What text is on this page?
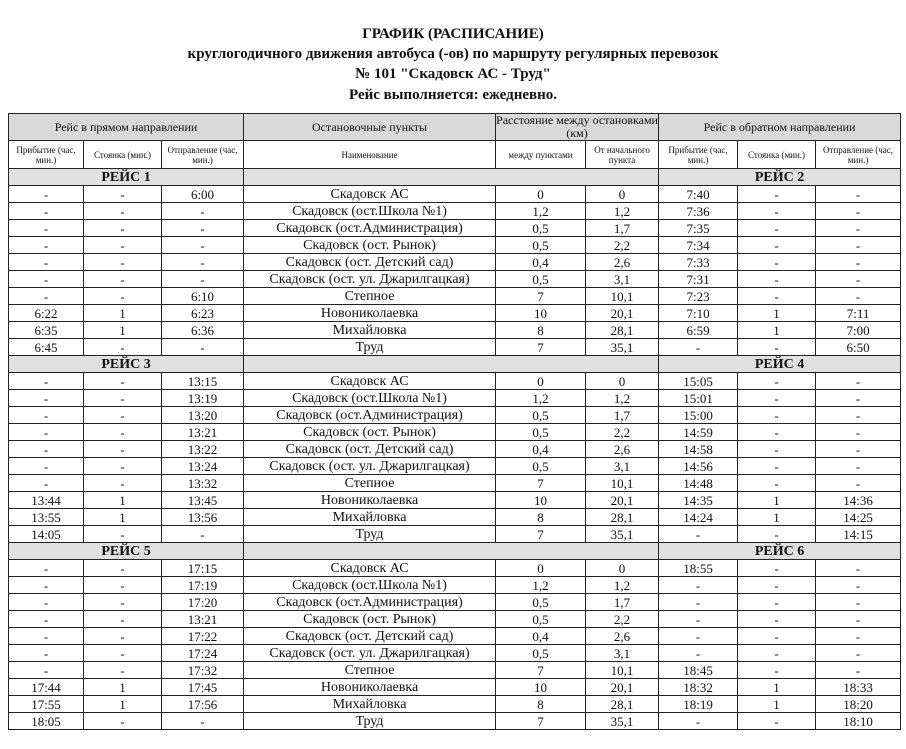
ГРАФИК (РАСПИСАНИЕ)
круглогодичного движения автобуса (-ов) по маршруту регулярных перевозок
№ 101 "Скадовск АС - Труд"
Рейс выполняется: ежедневно.
Рейс в прямом направлении			Остановочные пункты	Расстояние между остановками (км)		Рейс в обратном направлении		
Прибытие (час, мин.)	Стоянка (мин.)	Отправление (час, мин.)	Наименование	между пунктами	От начального пункта	Прибытие (час, мин.)	Стоянка (мин.)	Отправление (час, мин.)
РЕЙС 1						РЕЙС 2		
-	-	6:00	Скадовск АС	0	0	7:40	-	-
-	-	-	Скадовск (ост.Школа №1)	1,2	1,2	7:36	-	-
-	-	-	Скадовск (ост.Администрация)	0,5	1,7	7:35	-	-
-	-	-	Скадовск (ост. Рынок)	0,5	2,2	7:34	-	-
-	-	-	Скадовск (ост. Детский сад)	0,4	2,6	7:33	-	-
-	-	-	Скадовск (ост. ул. Джарилгацкая)	0,5	3,1	7:31	-	-
-	-	6:10	Степное	7	10,1	7:23	-	-
6:22	1	6:23	Новониколаевка	10	20,1	7:10	1	7:11
6:35	1	6:36	Михайловка	8	28,1	6:59	1	7:00
6:45	-	-	Труд	7	35,1	-	-	6:50
РЕЙС 3						РЕЙС 4		
-	-	13:15	Скадовск АС	0	0	15:05	-	-
-	-	13:19	Скадовск (ост.Школа №1)	1,2	1,2	15:01	-	-
-	-	13:20	Скадовск (ост.Администрация)	0,5	1,7	15:00	-	-
-	-	13:21	Скадовск (ост. Рынок)	0,5	2,2	14:59	-	-
-	-	13:22	Скадовск (ост. Детский сад)	0,4	2,6	14:58	-	-
-	-	13:24	Скадовск (ост. ул. Джарилгацкая)	0,5	3,1	14:56	-	-
-	-	13:32	Степное	7	10,1	14:48	-	-
13:44	1	13:45	Новониколаевка	10	20,1	14:35	1	14:36
13:55	1	13:56	Михайловка	8	28,1	14:24	1	14:25
14:05	-	-	Труд	7	35,1	-	-	14:15
РЕЙС 5						РЕЙС 6		
-	-	17:15	Скадовск АС	0	0	18:55	-	-
-	-	17:19	Скадовск (ост.Школа №1)	1,2	1,2	-	-	-
-	-	17:20	Скадовск (ост.Администрация)	0,5	1,7	-	-	-
-	-	13:21	Скадовск (ост. Рынок)	0,5	2,2	-	-	-
-	-	17:22	Скадовск (ост. Детский сад)	0,4	2,6	-	-	-
-	-	17:24	Скадовск (ост. ул. Джарилгацкая)	0,5	3,1	-	-	-
-	-	17:32	Степное	7	10,1	18:45	-	-
17:44	1	17:45	Новониколаевка	10	20,1	18:32	1	18:33
17:55	1	17:56	Михайловка	8	28,1	18:19	1	18:20
18:05	-	-	Труд	7	35,1	-	-	18:10
